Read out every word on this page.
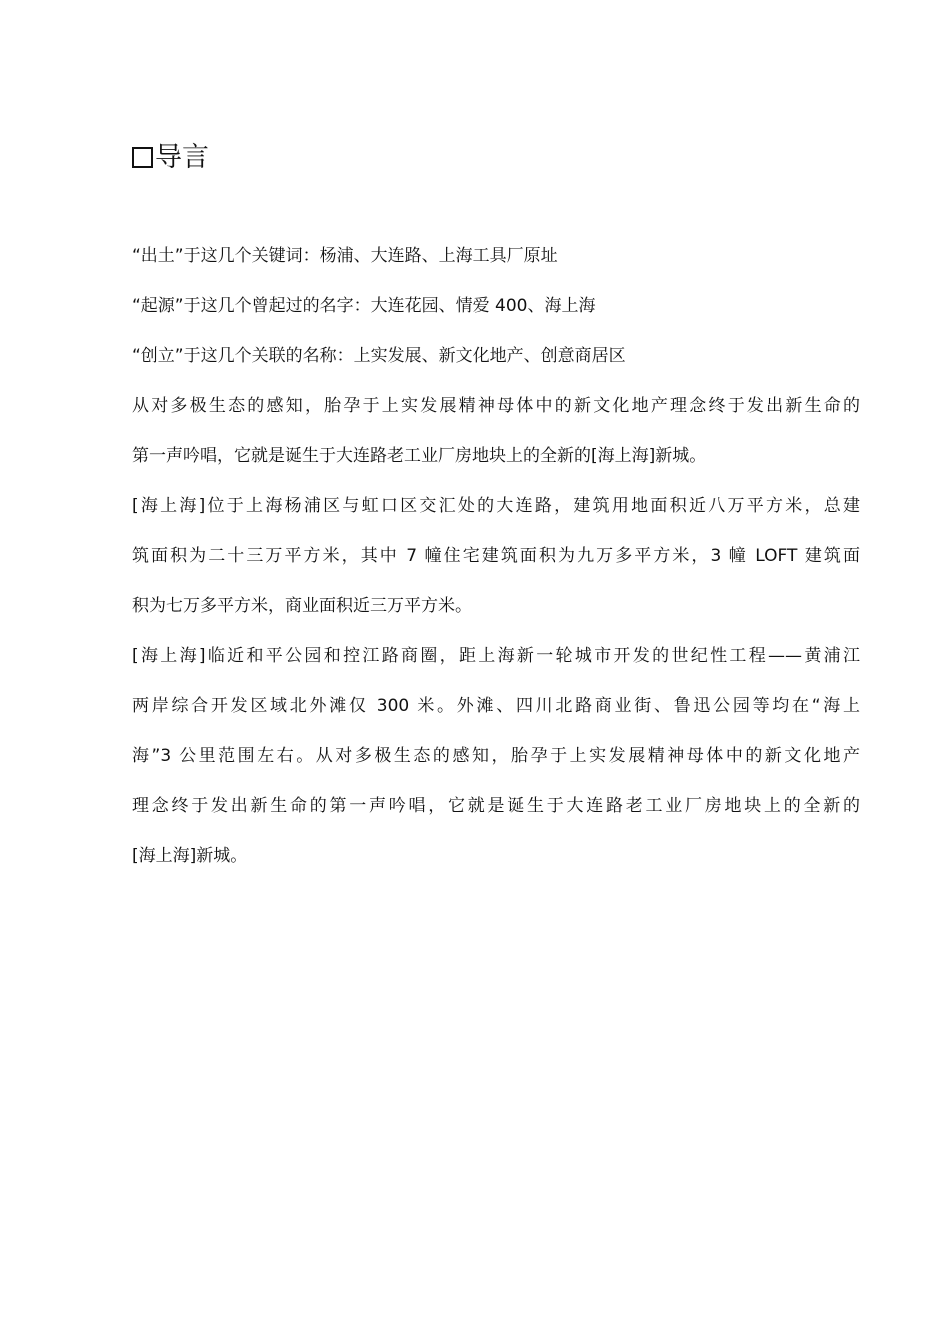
导言
“出土”于这几个关键词：杨浦、大连路、上海工具厂原址
“起源”于这几个曾起过的名字：大连花园、情爱 400、海上海
“创立”于这几个关联的名称：上实发展、新文化地产、创意商居区
从对多极生态的感知，胎孕于上实发展精神母体中的新文化地产理念终于发出新生命的
第一声吟唱，它就是诞生于大连路老工业厂房地块上的全新的[海上海]新城。
[海上海]位于上海杨浦区与虹口区交汇处的大连路，建筑用地面积近八万平方米，总建
筑面积为二十三万平方米，其中 7 幢住宅建筑面积为九万多平方米，3 幢 LOFT 建筑面
积为七万多平方米，商业面积近三万平方米。
[海上海]临近和平公园和控江路商圈，距上海新一轮城市开发的世纪性工程——黄浦江
两岸综合开发区域北外滩仅 300 米。外滩、四川北路商业街、鲁迅公园等均在“海上
海”3 公里范围左右。从对多极生态的感知，胎孕于上实发展精神母体中的新文化地产
理念终于发出新生命的第一声吟唱，它就是诞生于大连路老工业厂房地块上的全新的
[海上海]新城。
